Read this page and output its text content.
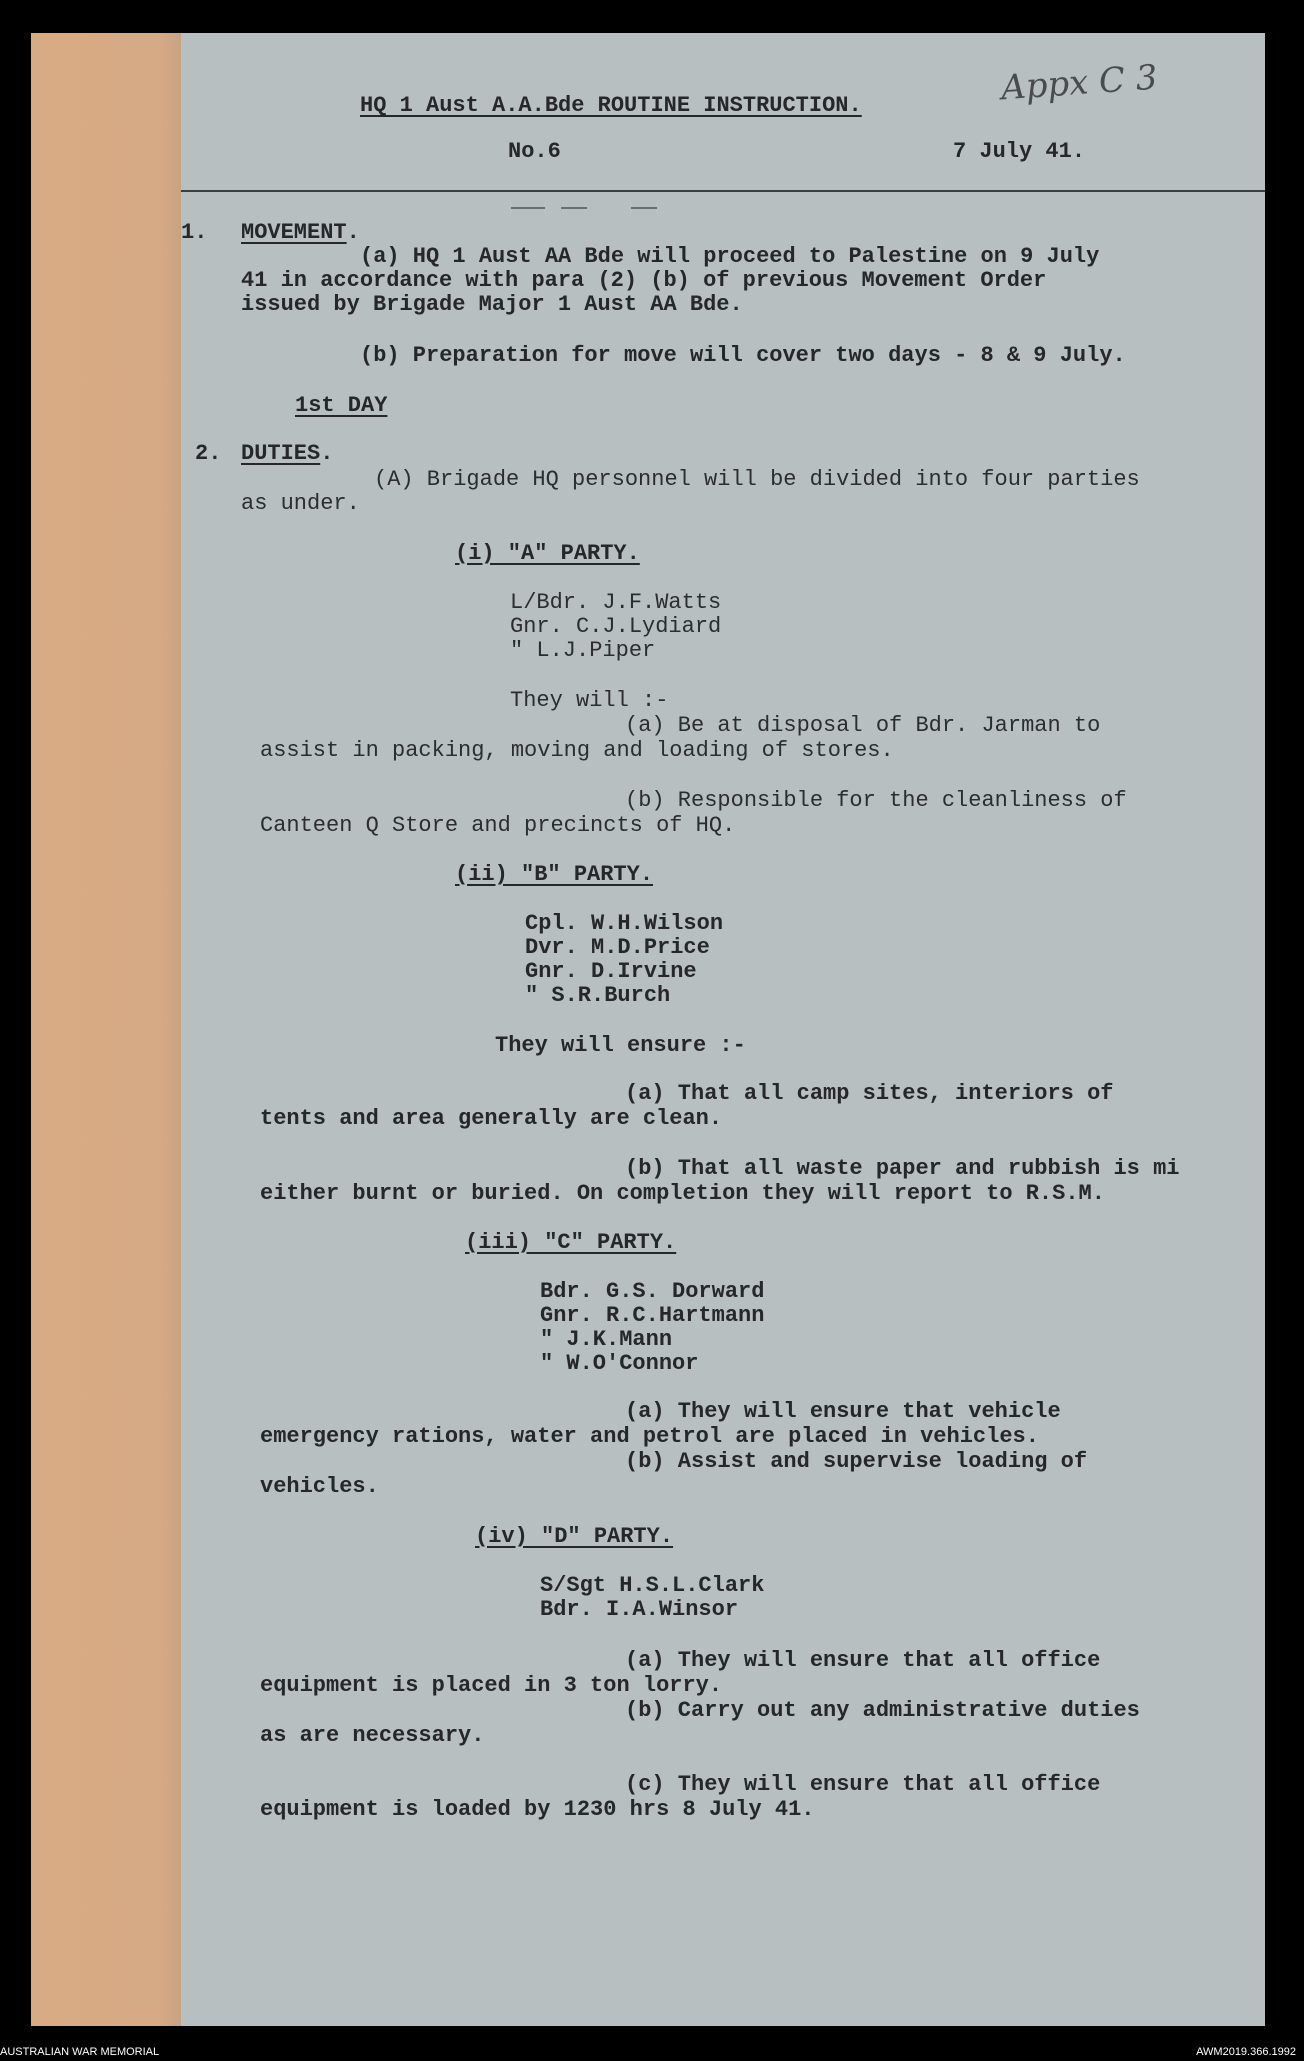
Appx C 3
HQ 1 Aust A.A.Bde ROUTINE INSTRUCTION.
No.6	7 July 41.
1. MOVEMENT.
(a) HQ 1 Aust AA Bde will proceed to Palestine on 9 July
41 in accordance with para (2) (b) of previous Movement Order
issued by Brigade Major 1 Aust AA Bde.
(b) Preparation for move will cover two days - 8 & 9 July.
1st DAY
2. DUTIES.
(A) Brigade HQ personnel will be divided into four parties
as under.
(i) "A" PARTY.
L/Bdr. J.F.Watts
Gnr. C.J.Lydiard
" L.J.Piper
They will :-
(a) Be at disposal of Bdr. Jarman to
assist in packing, moving and loading of stores.
(b) Responsible for the cleanliness of
Canteen Q Store and precincts of HQ.
(ii) "B" PARTY.
Cpl. W.H.Wilson
Dvr. M.D.Price
Gnr. D.Irvine
" S.R.Burch
They will ensure :-
(a) That all camp sites, interiors of
tents and area generally are clean.
(b) That all waste paper and rubbish is mi
either burnt or buried. On completion they will report to R.S.M.
(iii) "C" PARTY.
Bdr. G.S. Dorward
Gnr. R.C.Hartmann
" J.K.Mann
" W.O'Connor
(a) They will ensure that vehicle
emergency rations, water and petrol are placed in vehicles.
(b) Assist and supervise loading of
vehicles.
(iv) "D" PARTY.
S/Sgt H.S.L.Clark
Bdr. I.A.Winsor
(a) They will ensure that all office
equipment is placed in 3 ton lorry.
(b) Carry out any administrative duties
as are necessary.
(c) They will ensure that all office
equipment is loaded by 1230 hrs 8 July 41.
AUSTRALIAN WAR MEMORIAL	AWM2019.366.1992
